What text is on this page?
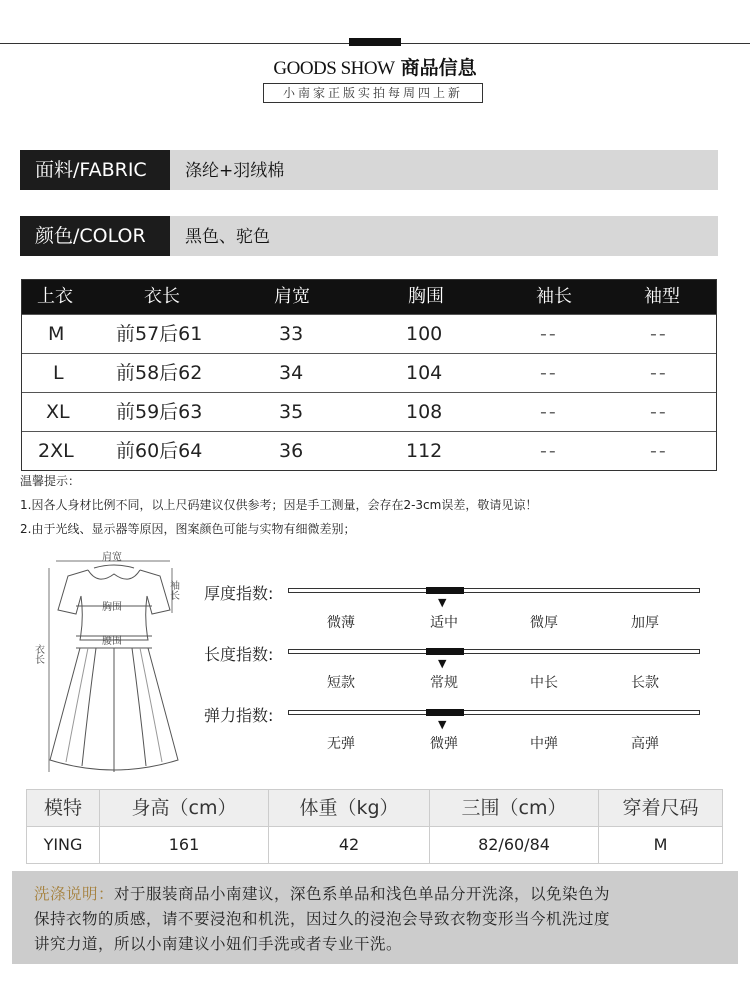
GOODS SHOW 商品信息
小南家正版实拍每周四上新
面料/FABRIC	涤纶+羽绒棉
颜色/COLOR	黑色、驼色
上衣	衣长	肩宽	胸围	袖长	袖型
M	前57后61	33	100	--	--
L	前58后62	34	104	--	--
XL 前59后63	35	108	--	--
2XL 前60后64	36	112	--	--
温馨提示：
1.因各人身材比例不同，以上尺码建议仅供参考；因是手工测量，会存在2-3cm误差，敬请见谅！
2.由于光线、显示器等原因，图案颜色可能与实物有细微差别；
肩宽
袖长
胸围
腰围
衣长
厚度指数:	▼
微薄	适中	微厚	加厚
长度指数:	▼
短款	常规	中长	长款
弹力指数:	▼
无弹	微弹	中弹	高弹
模特	身高（cm）	体重（kg）	三围（cm）	穿着尺码
YING	161	42	82/60/84	M
洗涤说明：对于服装商品小南建议，深色系单品和浅色单品分开洗涤，以免染色为
保持衣物的质感，请不要浸泡和机洗，因过久的浸泡会导致衣物变形当今机洗过度
讲究力道，所以小南建议小妞们手洗或者专业干洗。
